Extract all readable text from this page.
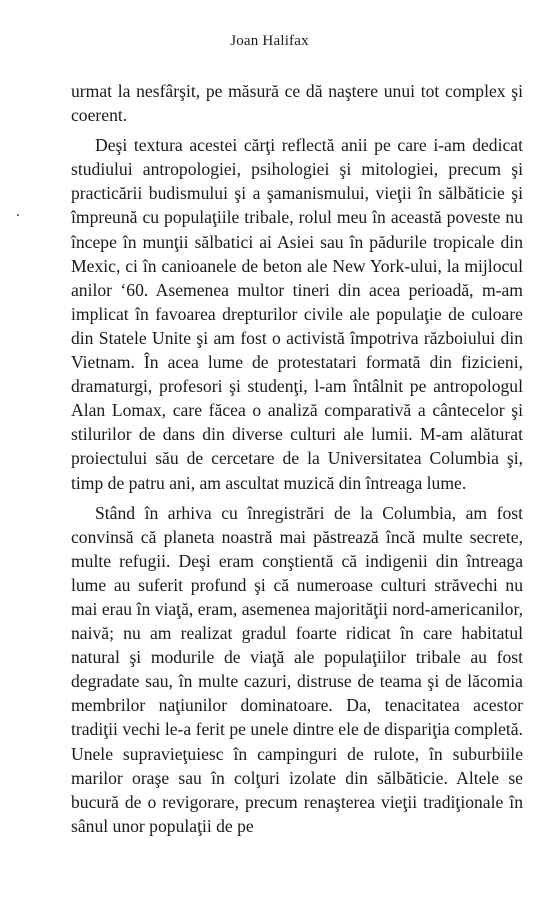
Joan Halifax

urmat la nesfârşit, pe măsură ce dă naştere unui tot complex şi coerent.

Deşi textura acestei cărţi reflectă anii pe care i-am dedicat studiului antropologiei, psihologiei şi mitologiei, precum şi practicării budismului şi a şamanismului, vieţii în sălbăticie şi împreună cu populaţiile tribale, rolul meu în această poveste nu începe în munţii sălbatici ai Asiei sau în pădurile tropicale din Mexic, ci în canioanele de beton ale New York-ului, la mijlocul anilor ‘60. Asemenea multor tineri din acea perioadă, m-am implicat în favoarea drepturilor civile ale populaţie de culoare din Statele Unite şi am fost o activistă împotriva războiului din Vietnam. În acea lume de protestatari formată din fizicieni, dramaturgi, profesori şi studenţi, l-am întâlnit pe antropologul Alan Lomax, care făcea o analiză comparativă a cântecelor şi stilurilor de dans din diverse culturi ale lumii. M-am alăturat proiectului său de cercetare de la Universitatea Columbia şi, timp de patru ani, am ascultat muzică din întreaga lume.

Stând în arhiva cu înregistrări de la Columbia, am fost convinsă că planeta noastră mai păstrează încă multe secrete, multe refugii. Deşi eram conştientă că indigenii din întreaga lume au suferit profund şi că numeroase culturi străvechi nu mai erau în viaţă, eram, asemenea majorităţii nord-americanilor, naivă; nu am realizat gradul foarte ridicat în care habitatul natural şi modurile de viaţă ale populaţiilor tribale au fost degradate sau, în multe cazuri, distruse de teama şi de lăcomia membrilor naţiunilor dominatoare. Da, tenacitatea acestor tradiţii vechi le-a ferit pe unele dintre ele de dispariţia completă. Unele supravieţuiesc în campinguri de rulote, în suburbiile marilor oraşe sau în colţuri izolate din sălbăticie. Altele se bucură de o revigorare, precum renaşterea vieţii tradiţionale în sânul unor populaţii de pe
